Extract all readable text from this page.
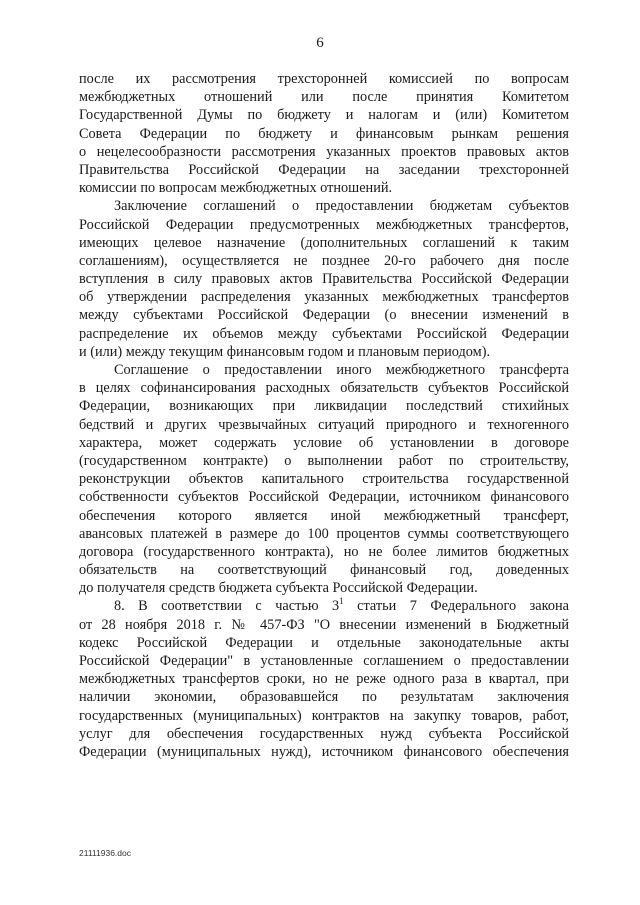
6
после их рассмотрения трехсторонней комиссией по вопросам
межбюджетных отношений или после принятия Комитетом
Государственной Думы по бюджету и налогам и (или) Комитетом
Совета Федерации по бюджету и финансовым рынкам решения
о нецелесообразности рассмотрения указанных проектов правовых актов
Правительства Российской Федерации на заседании трехсторонней
комиссии по вопросам межбюджетных отношений.
Заключение соглашений о предоставлении бюджетам субъектов
Российской Федерации предусмотренных межбюджетных трансфертов,
имеющих целевое назначение (дополнительных соглашений к таким
соглашениям), осуществляется не позднее 20-го рабочего дня после
вступления в силу правовых актов Правительства Российской Федерации
об утверждении распределения указанных межбюджетных трансфертов
между субъектами Российской Федерации (о внесении изменений в
распределение их объемов между субъектами Российской Федерации
и (или) между текущим финансовым годом и плановым периодом).
Соглашение о предоставлении иного межбюджетного трансферта
в целях софинансирования расходных обязательств субъектов Российской
Федерации, возникающих при ликвидации последствий стихийных
бедствий и других чрезвычайных ситуаций природного и техногенного
характера, может содержать условие об установлении в договоре
(государственном контракте) о выполнении работ по строительству,
реконструкции объектов капитального строительства государственной
собственности субъектов Российской Федерации, источником финансового
обеспечения которого является иной межбюджетный трансферт,
авансовых платежей в размере до 100 процентов суммы соответствующего
договора (государственного контракта), но не более лимитов бюджетных
обязательств на соответствующий финансовый год, доведенных
до получателя средств бюджета субъекта Российской Федерации.
8. В соответствии с частью $3^1$ статьи 7 Федерального закона
от 28 ноября 2018 г. № 457-ФЗ "О внесении изменений в Бюджетный
кодекс Российской Федерации и отдельные законодательные акты
Российской Федерации" в установленные соглашением о предоставлении
межбюджетных трансфертов сроки, но не реже одного раза в квартал, при
наличии экономии, образовавшейся по результатам заключения
государственных (муниципальных) контрактов на закупку товаров, работ,
услуг для обеспечения государственных нужд субъекта Российской
Федерации (муниципальных нужд), источником финансового обеспечения
21111936.doc
